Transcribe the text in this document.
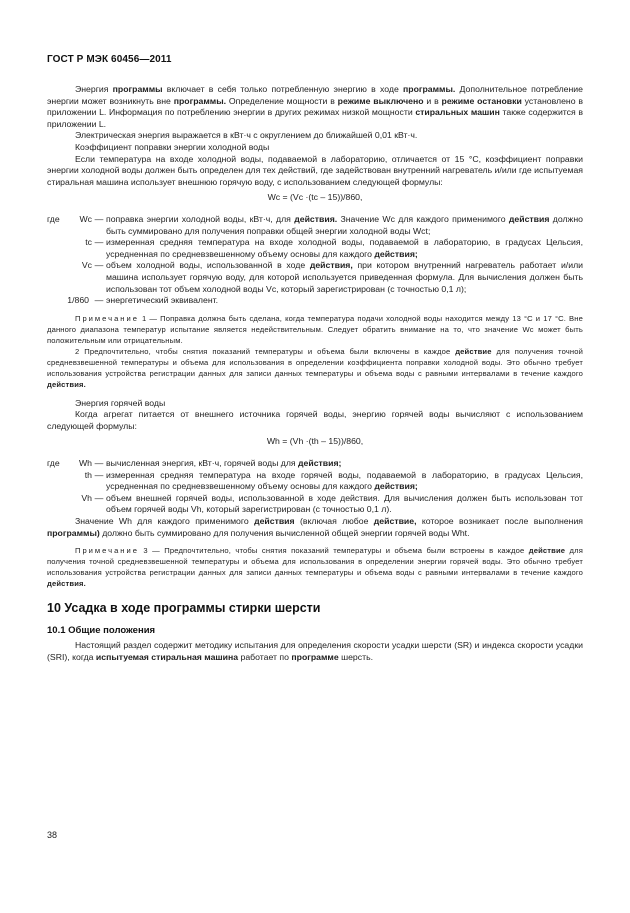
ГОСТ Р МЭК 60456—2011

Энергия программы включает в себя только потребленную энергию в ходе программы. Дополнительное потребление энергии может возникнуть вне программы. Определение мощности в режиме выключено и в режиме остановки установлено в приложении L. Информация по потреблению энергии в других режимах низкой мощности стиральных машин также содержится в приложении L.

Электрическая энергия выражается в кВт·ч с округлением до ближайшей 0,01 кВт·ч.

Коэффициент поправки энергии холодной воды

Если температура на входе холодной воды, подаваемой в лабораторию, отличается от 15 °С, коэффициент поправки энергии холодной воды должен быть определен для тех действий, где задействован внутренний нагреватель и/или где испытуемая стиральная машина использует внешнюю горячую воду, с использованием следующей формулы:

Wc = (Vc ·(tc – 15))/860,

где	Wc	—	поправка энергии холодной воды, кВт·ч, для действия. Значение Wc для каждого применимого действия должно быть суммировано для получения поправки общей энергии холодной воды Wct;
	tc	—	измеренная средняя температура на входе холодной воды, подаваемой в лабораторию, в градусах Цельсия, усредненная по средневзвешенному объему основы для каждого действия;
	Vc	—	объем холодной воды, использованной в ходе действия, при котором внутренний нагреватель работает и/или машина использует горячую воду, для которой используется приведенная формула. Для вычисления должен быть использован тот объем холодной воды Vc, который зарегистрирован (с точностью 0,1 л);
1/860		—	энергетический эквивалент.

Примечание 1 — Поправка должна быть сделана, когда температура подачи холодной воды находится между 13 °С и 17 °С. Вне данного диапазона температур испытание является недействительным. Следует обратить внимание на то, что значение Wc может быть положительным или отрицательным.

2 Предпочтительно, чтобы снятия показаний температуры и объема были включены в каждое действие для получения точной средневзвешенной температуры и объема для использования в определении коэффициента поправки холодной воды. Это обычно требует использования устройства регистрации данных для записи данных температуры и объема воды с равными интервалами в течение каждого действия.

Энергия горячей воды

Когда агрегат питается от внешнего источника горячей воды, энергию горячей воды вычисляют с использованием следующей формулы:

Wh = (Vh ·(th – 15))/860,

где	Wh	—	вычисленная энергия, кВт·ч, горячей воды для действия;
	th	—	измеренная средняя температура на входе горячей воды, подаваемой в лабораторию, в градусах Цельсия, усредненная по средневзвешенному объему основы для каждого действия;
	Vh	—	объем внешней горячей воды, использованной в ходе действия. Для вычисления должен быть использован тот объем горячей воды Vh, который зарегистрирован (с точностью 0,1 л).

Значение Wh для каждого применимого действия (включая любое действие, которое возникает после выполнения программы) должно быть суммировано для получения вычисленной общей энергии горячей воды Wht.

Примечание 3 — Предпочтительно, чтобы снятия показаний температуры и объема были встроены в каждое действие для получения точной средневзвешенной температуры и объема для использования в определении энергии горячей воды. Это обычно требует использования устройства регистрации данных для записи данных температуры и объема воды с равными интервалами в течение каждого действия.

10 Усадка в ходе программы стирки шерсти
10.1 Общие положения

Настоящий раздел содержит методику испытания для определения скорости усадки шерсти (SR) и индекса скорости усадки (SRI), когда испытуемая стиральная машина работает по программе шерсть.

38
